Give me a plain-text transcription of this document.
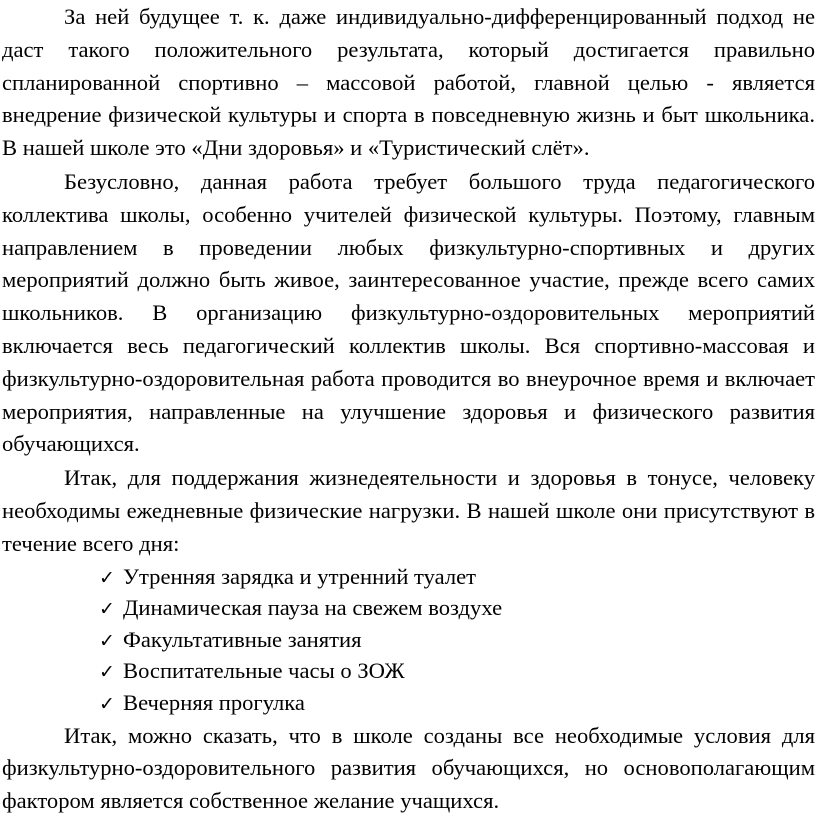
За ней будущее т. к. даже индивидуально-дифференцированный подход не даст такого положительного результата, который достигается правильно спланированной спортивно – массовой работой, главной целью - является внедрение физической культуры и спорта в повседневную жизнь и быт школьника. В нашей школе это «Дни здоровья» и «Туристический слёт».

Безусловно, данная работа требует большого труда педагогического коллектива школы, особенно учителей физической культуры. Поэтому, главным направлением в проведении любых физкультурно-спортивных и других мероприятий должно быть живое, заинтересованное участие, прежде всего самих школьников. В организацию физкультурно-оздоровительных мероприятий включается весь педагогический коллектив школы. Вся спортивно-массовая и физкультурно-оздоровительная работа проводится во внеурочное время и включает мероприятия, направленные на улучшение здоровья и физического развития обучающихся.

Итак, для поддержания жизнедеятельности и здоровья в тонусе, человеку необходимы ежедневные физические нагрузки. В нашей школе они присутствуют в течение всего дня:

✓ Утренняя зарядка и утренний туалет
✓ Динамическая пауза на свежем воздухе
✓ Факультативные занятия
✓ Воспитательные часы о ЗОЖ
✓ Вечерняя прогулка

Итак, можно сказать, что в школе созданы все необходимые условия для физкультурно-оздоровительного развития обучающихся, но основополагающим фактором является собственное желание учащихся.
